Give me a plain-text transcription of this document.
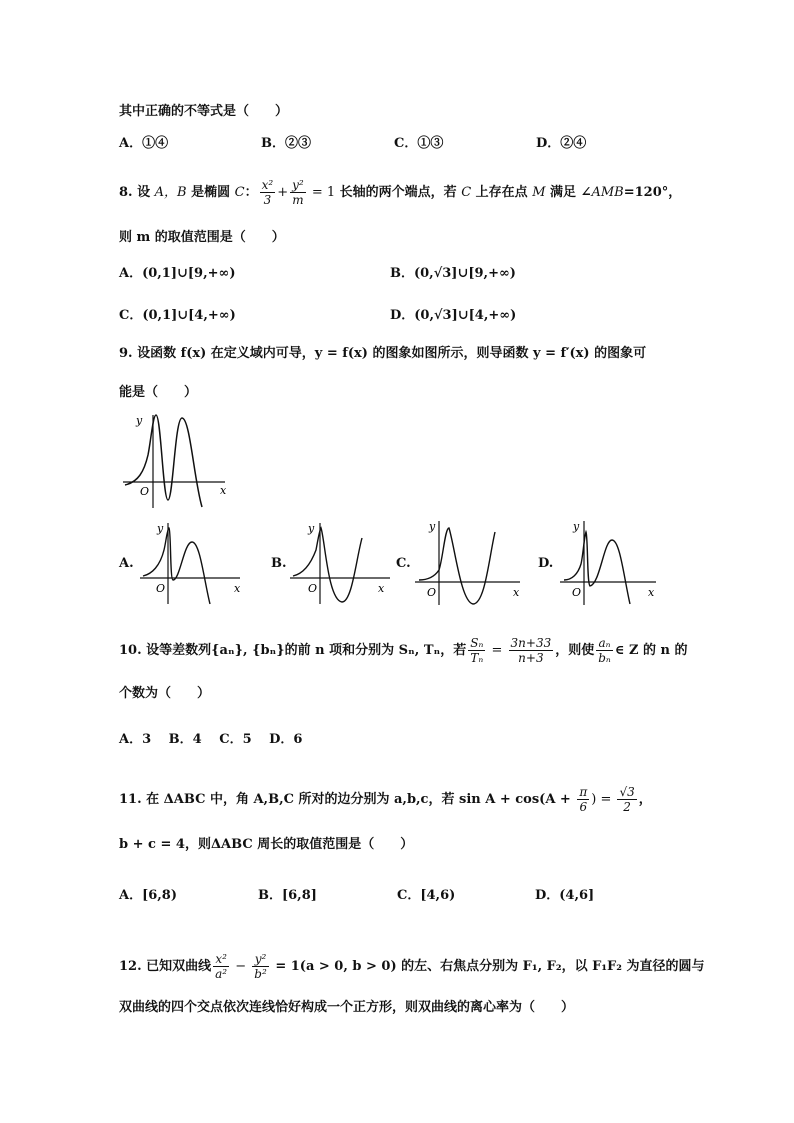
其中正确的不等式是（　　）
A．①④	B．②③	C．①③	D．②④
8. 设 A，B 是椭圆 C： $\frac{\text{x²}}{3} + \frac{\text{y²}}{m} = 1$ 长轴的两个端点，若 C 上存在点 M 满足 ∠AMB=120°，
则 m 的取值范围是（　　）
A．(0,1]∪[9,+∞)	B．(0,√3]∪[9,+∞)
C．(0,1]∪[4,+∞)	D．(0,√3]∪[4,+∞)
9. 设函数 f(x) 在定义域内可导，y = f(x) 的图象如图所示，则导函数 y = f′(x) 的图象可
能是（　　）
y
x
O
A.
y
x
O
B.
y
x
O
C.
y
x
O
D.
y
x
O
10. 设等差数列{aₙ}, {bₙ}的前 n 项和分别为 Sₙ, Tₙ，若 $\frac{\text{Sₙ}}{\text{Tₙ}} = \frac{3n+33}{n+3}$ ，则使 $\frac{\text{aₙ}}{\text{bₙ}}$ ∈ Z 的 n 的
个数为（　　）
A．3　 B．4　 C．5　 D．6
11. 在 ΔABC 中，角 A,B,C 所对的边分别为 a,b,c，若 $\sin A + \cos(A + \frac{\pi}{6}$ ) = $\frac{√3}{2}$ ，
b + c = 4，则ΔABC 周长的取值范围是（　　）
A．[6,8)	B．[6,8]	C．[4,6)	D．(4,6]
12. 已知双曲线 $\frac{\text{x²}}{\text{a²}} - \frac{\text{y²}}{\text{b²}} = 1(a > 0$, b > 0) 的左、右焦点分别为 F₁, F₂，以 F₁F₂ 为直径的圆与
双曲线的四个交点依次连线恰好构成一个正方形，则双曲线的离心率为（　　）
